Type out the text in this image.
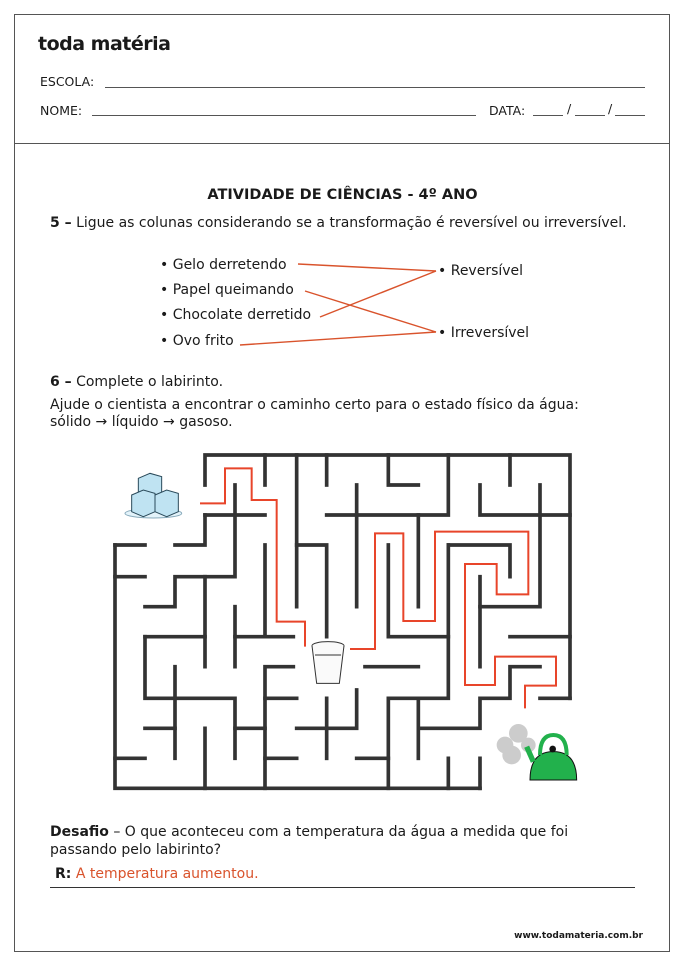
toda matéria
ESCOLA:
NOME:	DATA:	/	/
ATIVIDADE DE CIÊNCIAS - 4º ANO
5 – Ligue as colunas considerando se a transformação é reversível ou irreversível.
• Gelo derretendo
• Papel queimando
• Chocolate derretido
• Ovo frito
• Reversível
• Irreversível
6 – Complete o labirinto.
Ajude o cientista a encontrar o caminho certo para o estado físico da água:
sólido → líquido → gasoso.
Desafio – O que aconteceu com a temperatura da água a medida que foi
passando pelo labirinto?
R: A temperatura aumentou.
www.todamateria.com.br
